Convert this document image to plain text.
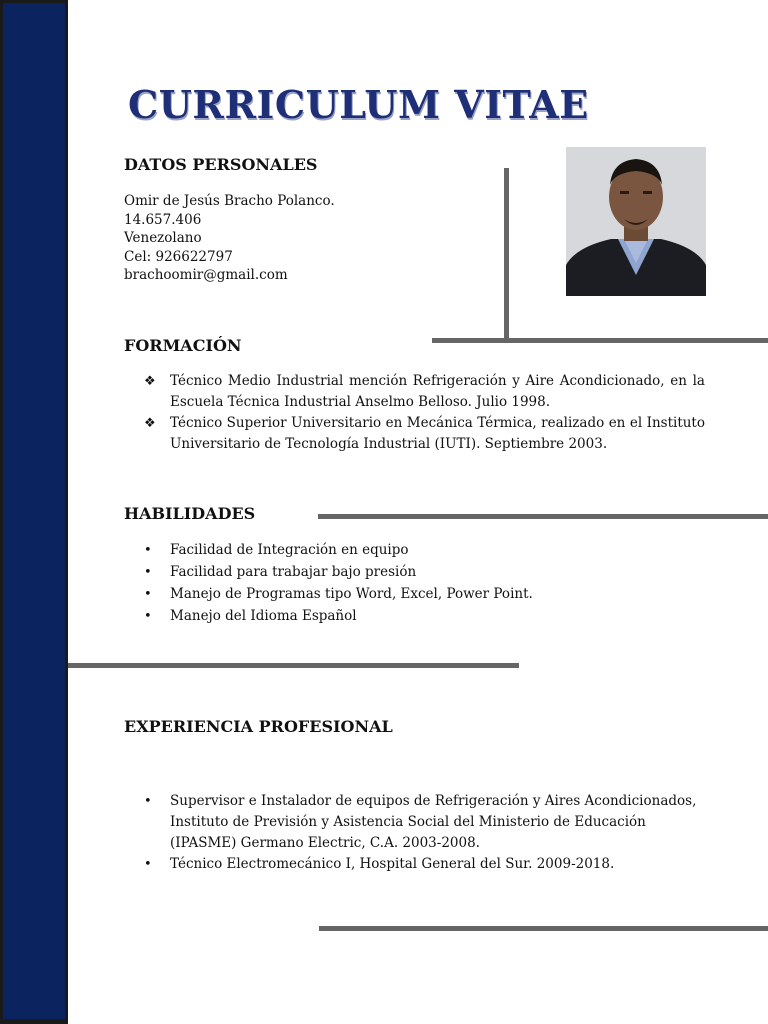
CURRICULUM VITAE
DATOS PERSONALES
Omir de Jesús Bracho Polanco.
14.657.406
Venezolano
Cel: 926622797
brachoomir@gmail.com
FORMACIÓN
❖ Técnico Medio Industrial mención Refrigeración y Aire Acondicionado, en la Escuela Técnica Industrial Anselmo Belloso. Julio 1998.
❖ Técnico Superior Universitario en Mecánica Térmica, realizado en el Instituto Universitario de Tecnología Industrial (IUTI). Septiembre 2003.
HABILIDADES
• Facilidad de Integración en equipo
• Facilidad para trabajar bajo presión
• Manejo de Programas tipo Word, Excel, Power Point.
• Manejo del Idioma Español
EXPERIENCIA PROFESIONAL
• Supervisor e Instalador de equipos de Refrigeración y Aires Acondicionados, Instituto de Previsión y Asistencia Social del Ministerio de Educación (IPASME) Germano Electric, C.A. 2003-2008.
• Técnico Electromecánico I, Hospital General del Sur. 2009-2018.
